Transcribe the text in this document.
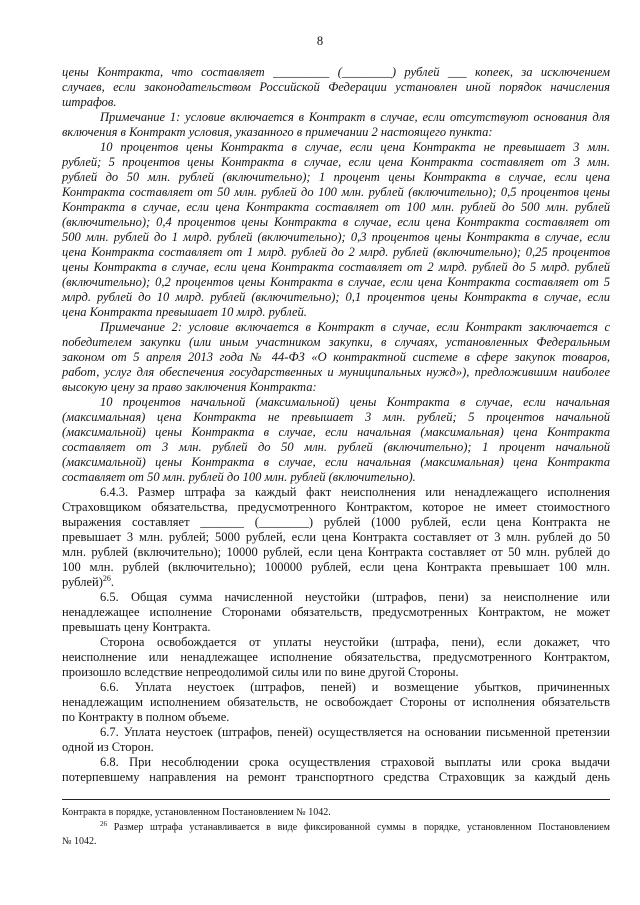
8
цены Контракта, что составляет _________ (________) рублей ___ копеек, за исключением
случаев, если законодательством Российской Федерации установлен иной порядок начисления
штрафов.
Примечание 1: условие включается в Контракт в случае, если отсутствуют основания для
включения в Контракт условия, указанного в примечании 2 настоящего пункта:
10 процентов цены Контракта в случае, если цена Контракта не превышает 3 млн.
рублей; 5 процентов цены Контракта в случае, если цена Контракта составляет от 3 млн.
рублей до 50 млн. рублей (включительно); 1 процент цены Контракта в случае, если цена
Контракта составляет от 50 млн. рублей до 100 млн. рублей (включительно); 0,5 процентов цены
Контракта в случае, если цена Контракта составляет от 100 млн. рублей до 500 млн. рублей
(включительно); 0,4 процентов цены Контракта в случае, если цена Контракта составляет от
500 млн. рублей до 1 млрд. рублей (включительно); 0,3 процентов цены Контракта в случае, если
цена Контракта составляет от 1 млрд. рублей до 2 млрд. рублей (включительно); 0,25 процентов
цены Контракта в случае, если цена Контракта составляет от 2 млрд. рублей до 5 млрд. рублей
(включительно); 0,2 процентов цены Контракта в случае, если цена Контракта составляет от 5
млрд. рублей до 10 млрд. рублей (включительно); 0,1 процентов цены Контракта в случае, если
цена Контракта превышает 10 млрд. рублей.
Примечание 2: условие включается в Контракт в случае, если Контракт заключается с
победителем закупки (или иным участником закупки, в случаях, установленных Федеральным
законом от 5 апреля 2013 года № 44-ФЗ «О контрактной системе в сфере закупок товаров,
работ, услуг для обеспечения государственных и муниципальных нужд»), предложившим наиболее
высокую цену за право заключения Контракта:
10 процентов начальной (максимальной) цены Контракта в случае, если начальная
(максимальная) цена Контракта не превышает 3 млн. рублей; 5 процентов начальной
(максимальной) цены Контракта в случае, если начальная (максимальная) цена Контракта
составляет от 3 млн. рублей до 50 млн. рублей (включительно); 1 процент начальной
(максимальной) цены Контракта в случае, если начальная (максимальная) цена Контракта
составляет от 50 млн. рублей до 100 млн. рублей (включительно).
6.4.3. Размер штрафа за каждый факт неисполнения или ненадлежащего исполнения
Страховщиком обязательства, предусмотренного Контрактом, которое не имеет стоимостного
выражения составляет _______ (________) рублей (1000 рублей, если цена Контракта не
превышает 3 млн. рублей; 5000 рублей, если цена Контракта составляет от 3 млн. рублей до 50
млн. рублей (включительно); 10000 рублей, если цена Контракта составляет от 50 млн. рублей до
100 млн. рублей (включительно); 100000 рублей, если цена Контракта превышает 100 млн.
рублей)$^{26}$.
6.5. Общая сумма начисленной неустойки (штрафов, пени) за неисполнение или
ненадлежащее исполнение Сторонами обязательств, предусмотренных Контрактом, не может
превышать цену Контракта.
Сторона освобождается от уплаты неустойки (штрафа, пени), если докажет, что
неисполнение или ненадлежащее исполнение обязательства, предусмотренного Контрактом,
произошло вследствие непреодолимой силы или по вине другой Стороны.
6.6. Уплата неустоек (штрафов, пеней) и возмещение убытков, причиненных
ненадлежащим исполнением обязательств, не освобождает Стороны от исполнения обязательств
по Контракту в полном объеме.
6.7. Уплата неустоек (штрафов, пеней) осуществляется на основании письменной претензии
одной из Сторон.
6.8. При несоблюдении срока осуществления страховой выплаты или срока выдачи
потерпевшему направления на ремонт транспортного средства Страховщик за каждый день
Контракта в порядке, установленном Постановлением № 1042.
$^{26}$ Размер штрафа устанавливается в виде фиксированной суммы в порядке, установленном Постановлением
№ 1042.
